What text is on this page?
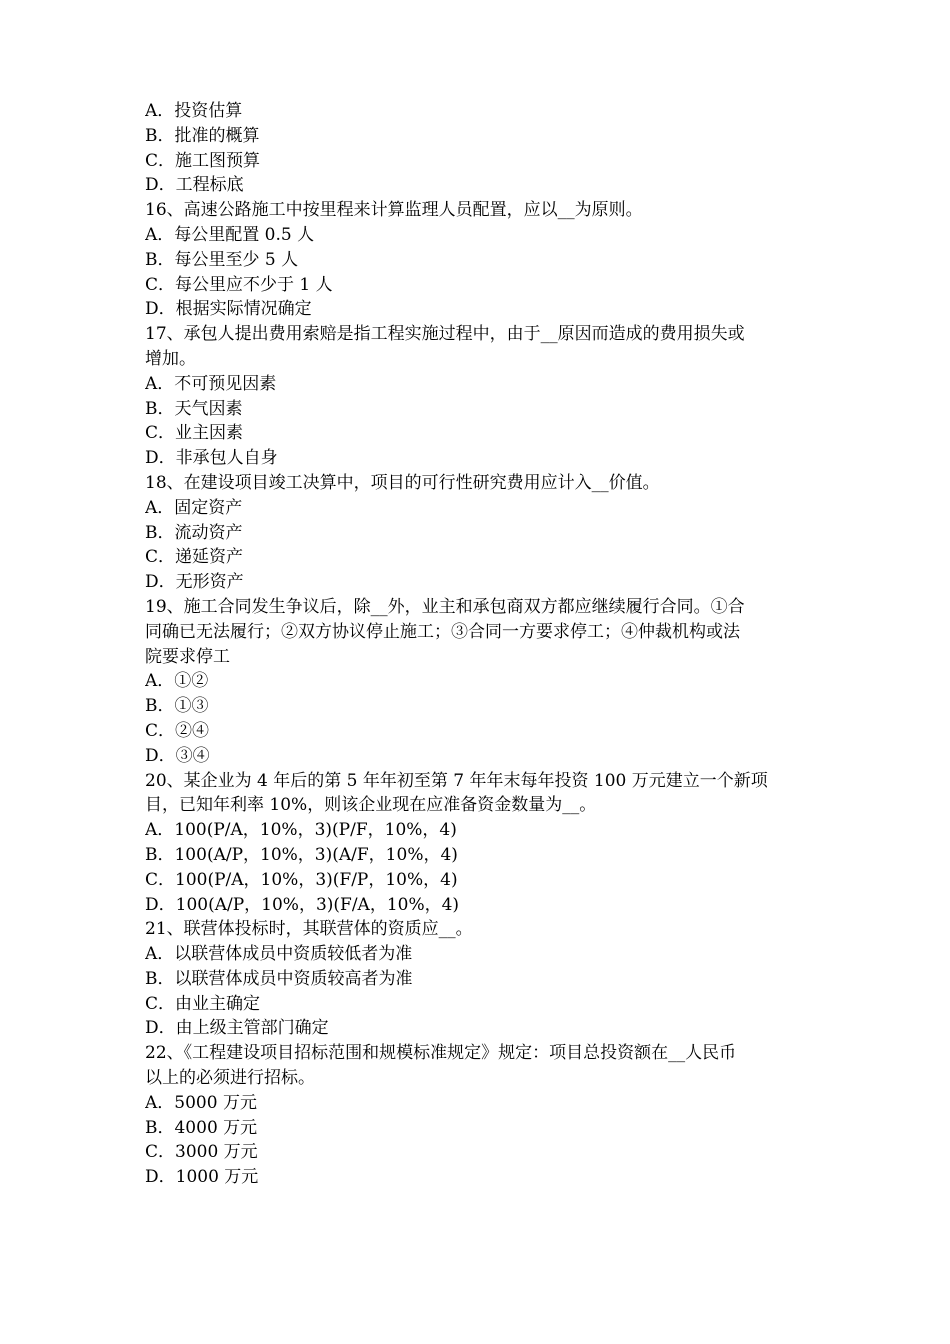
A．投资估算
B．批准的概算
C．施工图预算
D．工程标底
16、高速公路施工中按里程来计算监理人员配置，应以__为原则。
A．每公里配置 0.5 人
B．每公里至少 5 人
C．每公里应不少于 1 人
D．根据实际情况确定
17、承包人提出费用索赔是指工程实施过程中，由于__原因而造成的费用损失或
增加。
A．不可预见因素
B．天气因素
C．业主因素
D．非承包人自身
18、在建设项目竣工决算中，项目的可行性研究费用应计入__价值。
A．固定资产
B．流动资产
C．递延资产
D．无形资产
19、施工合同发生争议后，除__外，业主和承包商双方都应继续履行合同。①合
同确已无法履行；②双方协议停止施工；③合同一方要求停工；④仲裁机构或法
院要求停工
A．①②
B．①③
C．②④
D．③④
20、某企业为 4 年后的第 5 年年初至第 7 年年末每年投资 100 万元建立一个新项
目，已知年利率 10%，则该企业现在应准备资金数量为__。
A．100(P/A，10%，3)(P/F，10%，4)
B．100(A/P，10%，3)(A/F，10%，4)
C．100(P/A，10%，3)(F/P，10%，4)
D．100(A/P，10%，3)(F/A，10%，4)
21、联营体投标时，其联营体的资质应__。
A．以联营体成员中资质较低者为准
B．以联营体成员中资质较高者为准
C．由业主确定
D．由上级主管部门确定
22、《工程建设项目招标范围和规模标准规定》规定：项目总投资额在__人民币
以上的必须进行招标。
A．5000 万元
B．4000 万元
C．3000 万元
D．1000 万元
